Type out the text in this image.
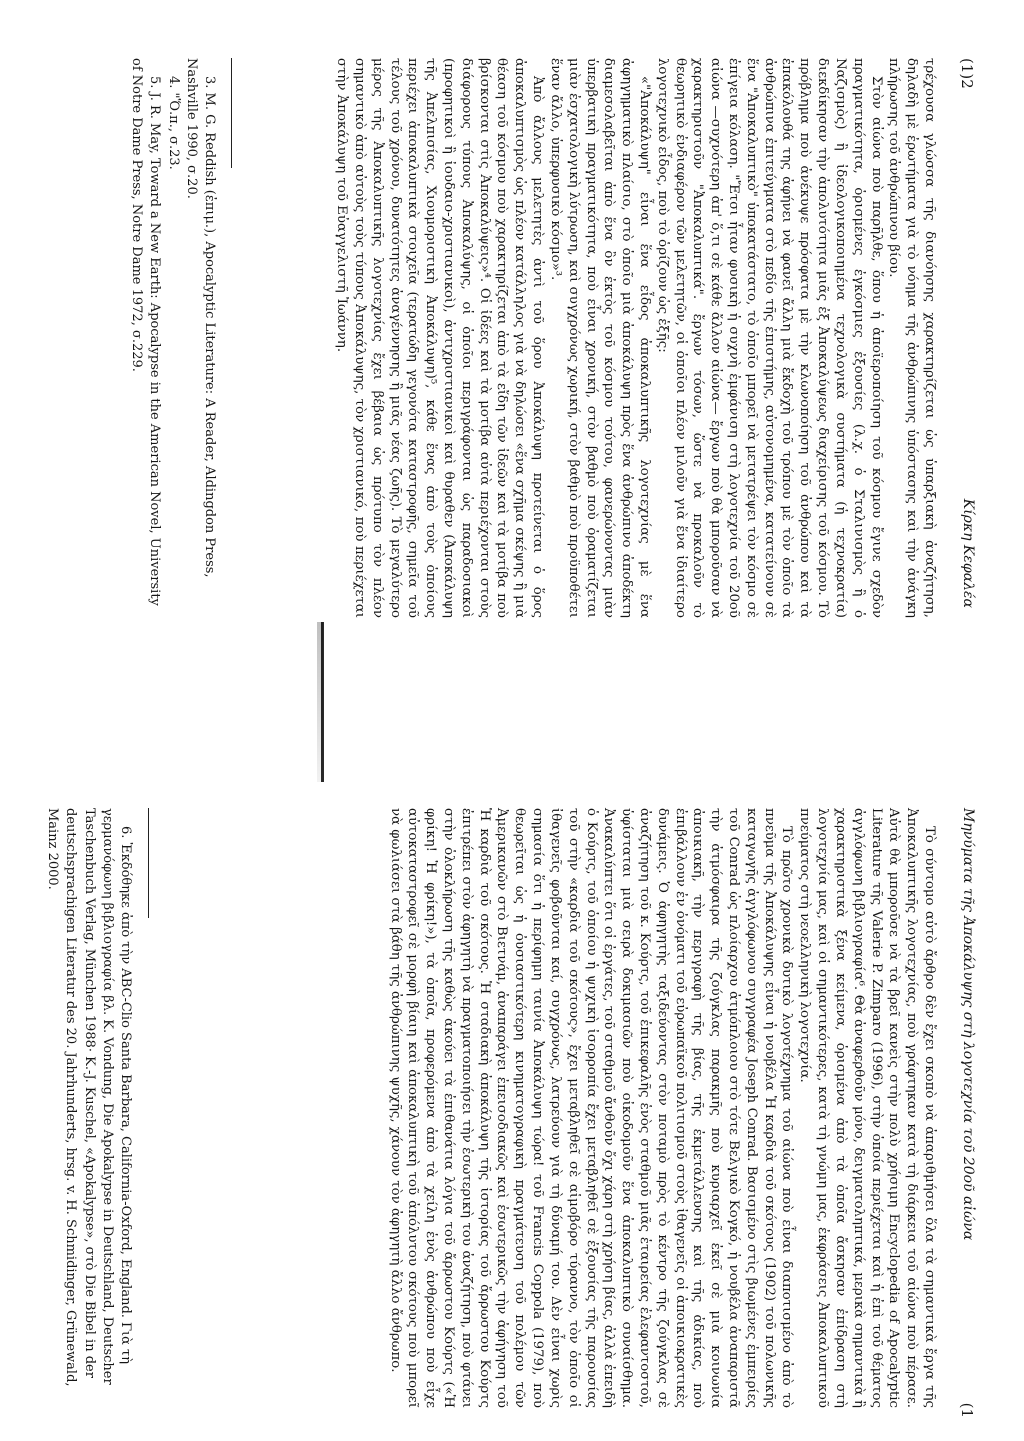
(1)2
Κίρκη Κεφαλέα

τρέχουσα γλώσσα τῆς διανόησης χαρακτηρίζεται ὡς ὑπαρξιακὴ ἀναζήτηση, δηλαδὴ μὲ ἐρωτήματα γιὰ τὸ νόημα τῆς ἀνθρώπινης ὑπόστασης καὶ τὴν ἀνάγκη πλήρωσης τοῦ ἀνθρώπινου βίου.

Στὸν αἰώνα ποὺ παρῆλθε, ὅπου ἡ ἀποϊεροποίηση τοῦ κόσμου ἔγινε σχεδὸν πραγματικότητα, ὁρισμένες ἐγκόσμιες ἐξουσίες (λ.χ. ὁ Σταλινισμὸς ἢ ὁ Ναζισμὸς) ἢ ἰδεολογικοποιημένα τεχνολογικὰ συστήματα (ἡ τεχνοκρατία) διεκδίκησαν τὴν ἀπολυτότητα μιᾶς ἐξ Ἀποκαλύψεως διαχείρισης τοῦ κόσμου. Τὸ πρόβλημα ποὺ ἀνέκυψε πρόσφατα μὲ τὴν κλωνοποίηση τοῦ ἀνθρώπου καὶ τὰ ἐπακόλουθά της ἀφήνει νὰ φανεῖ ἄλλη μιὰ ἔκδοχὴ τοῦ τρόπου μὲ τὸν ὁποῖο τὰ ἀνθρώπινα ἐπιτεύγματα στὸ πεδίο τῆς ἐπιστήμης, αὐτονομημένα, κατατείνουν σὲ ἕνα "Ἀποκαλυπτικὸ" ὑποκατάστατο, τὸ ὁποῖο μπορεῖ νὰ μετατρέψει τὸν κόσμο σὲ ἐπίγεια κόλαση. "Ἔτσι ἦταν φυσικὴ ἡ συχνὴ ἐμφάνιση στὴ λογοτεχνία τοῦ 20οῦ αἰώνα —συχνότερη ἀπ' ὅ,τι σὲ κάθε ἄλλον αἰώνα— ἔργων ποὺ θὰ μποροῦσαν νὰ χαρακτηριστοῦν "Ἀποκαλυπτικά". ἔργων τόσων, ὥστε νὰ προκαλοῦν τὸ θεωρητικὸ ἐνδιαφέρον τῶν μελετητῶν, οἱ ὁποῖοι πλέον μιλοῦν γιὰ ἕνα ἰδιαίτερο λογοτεχνικὸ εἶδος, ποὺ τὸ ὁρίζουν ὡς ἑξῆς:

«"Ἀποκάλυψη" εἶναι ἕνα εἶδος ἀποκαλυπτικῆς λογοτεχνίας μὲ ἕνα ἀφηγηματικὸ πλαίσιο, στὸ ὁποῖο μιὰ ἀποκάλυψη πρὸς ἕνα ἀνθρώπινο ἀποδέκτη διαμεσολαβεῖται ἀπὸ ἕνα ὂν ἐκτὸς τοῦ κόσμου τούτου, φανερώνοντας μιὰν ὑπερβατικὴ πραγματικότητα, ποὺ εἶναι χρονική, στὸν βαθμὸ ποὺ ὁραματίζεται μιὰν ἐσχατολογικὴ λύτρωση, καὶ συγχρόνως χωρική, στὸν βαθμὸ ποὺ προϋποθέτει ἕναν ἄλλο, ὑπερφυσικὸ κόσμο»³.

Ἀπὸ ἄλλους μελετητὲς ἀντὶ τοῦ ὅρου Ἀποκάλυψη προτείνεται ὁ ὅρος ἀποκαλυπτισμὸς ὡς πλέον κατάλληλος γιὰ νὰ δηλώσει «ἕνα σχῆμα σκέψης ἢ μιὰ θέαση τοῦ κόσμου ποὺ χαρακτηρίζεται ἀπὸ τὰ εἴδη τῶν ἰδεῶν καὶ τὰ μοτίβα ποὺ βρίσκονται στὶς Ἀποκαλύψεις»⁴. Οἱ ἰδέες καὶ τὰ μοτίβα αὐτὰ περιέχονται στοὺς διάφορους τύπους Ἀποκαλύψης, οἱ ὁποῖοι περιγράφονται ὡς παραδοσιακοὶ (προφητικοὶ ἢ ἰουδαιο-χριστιανικοὶ), ἀντιχριστιανικοὶ καὶ θυραθεν (Ἀποκάλυψη τῆς Ἀπελπισίας, Χιουμοριστικὴ Ἀποκάλυψη)⁵, κάθε ἕνας ἀπὸ τοὺς ὁποίους περιέχει ἀποκαλυπτικὰ στοιχεῖα (τερατώδη γεγονότα καταστροφῆς, σημεῖα τοῦ τέλους τοῦ χρόνου, δυνατότητες ἀναγέννησης ἢ μιᾶς νέας ζωῆς). Τὸ μεγαλύτερο μέρος τῆς Ἀποκαλυπτικῆς λογοτεχνίας ἔχει βέβαια ὡς πρότυπο τὸν πλέον σημαντικὸ ἀπὸ αὐτοὺς τοὺς τύπους Ἀποκάλυψης, τὸν χριστιανικό, ποὺ περιέχεται στὴν Ἀποκάλυψη τοῦ Εὐαγγελιστῆ Ἰωάννη.

3. M. G. Reddish (ἐπιμ.), Apocalyptic Literature: A Reader, Aldingdon Press, Nashville 1990, σ.20.

4. "Ὅ.π., σ.23.

5. J. R. May, Toward a New Earth: Apocalypse in the American Novel, University of Notre Dame Press, Notre Dame 1972, σ.229.

Μηνύματα τῆς Ἀποκάλυψης στὴ λογοτεχνία τοῦ 20οῦ αἰώνα
(1

Τὸ σύντομο αὐτὸ ἄρθρο δὲν ἔχει σκοπὸ νὰ ἀπαριθμήσει ὅλα τὰ σημαντικὰ ἔργα τῆς Ἀποκαλυπτικῆς λογοτεχνίας, ποὺ γράφτηκαν κατὰ τὴ διάρκεια τοῦ αἰώνα ποὺ πέρασε. Αὐτὰ θὰ μποροῦσε νὰ τὰ βρεῖ κανεὶς στὴν πολὺ χρήσιμη Encyclopedia of Apocalyptic Literature τῆς Valerie P. Zimparo (1996), στὴν ὁποία περιέχεται καὶ ἡ ἐπὶ τοῦ θέματος ἀγγλόφωνη βιβλιογραφία⁶. Θὰ ἀναφερθοῦν μόνο, δειγματοληπτικά, μερικὰ σημαντικὰ ἢ χαρακτηριστικὰ ξένα κείμενα, ὁρισμένα ἀπὸ τὰ ὁποῖα ἄσκησαν ἐπίδραση στὴ λογοτεχνία μας, καὶ οἱ σημαντικότερες, κατὰ τὴ γνώμη μας, ἐκφράσεις Ἀποκαλυπτικοῦ πνεύματος στὴ νεοελληνικὴ λογοτεχνία.

Τὸ πρῶτο χρονικὰ δυτικὸ λογοτέχνημα τοῦ αἰώνα ποὺ εἶναι διαποτισμένο ἀπὸ τὸ πνεῦμα τῆς Ἀποκάλυψης εἶναι ἡ νουβέλα Ἡ καρδιὰ τοῦ σκότους (1902) τοῦ πολωνικῆς καταγωγῆς ἀγγλόφωνου συγγραφέα Joseph Conrad. Βασισμένο στὶς βιωμένες ἐμπειρίες τοῦ Conrad ὡς πλοίαρχου ἀτμόπλοιου στὸ τότε Βελγικὸ Κογκό, ἡ νουβέλα ἀναπαριστᾶ τὴν ἀτμόσφαιρα τῆς ζούγκλας παρακμῆς ποὺ κυριαρχεῖ ἐκεῖ σὲ μιὰ κοινωνία ἀποικιακῆ, τὴν περιγραφὴ τῆς βίας, τῆς ἐκμετάλλευσης καὶ τῆς ἀδικίας, ποὺ ἐπιβάλλουν ἐν ὀνόματι τοῦ εὐρωπαϊκοῦ πολιτισμοῦ στοὺς ἰθαγενεῖς οἱ ἀποικιοκρατικὲς δυνάμεις. Ὁ ἀφηγητὴς ταξιδεύοντας στὸν ποταμὸ πρὸς τὸ κέντρο τῆς ζούγκλας σὲ ἀναζήτηση τοῦ κ. Κούρτς, τοῦ ἐπικεφαλῆς ἑνὸς σταθμοῦ μιᾶς ἑταιρείας ἐλεφαντοστοῦ, ὑφίσταται μιὰ σειρὰ δοκιμασιῶν ποὺ οἰκοδομοῦν ἕνα ἀποκαλυπτικὸ συναίσθημα. Ἀνακαλύπτει ὅτι οἱ ἐργάτες, τοῦ σταθμοῦ ἄνθοῦν ὄχι χάρη στὴ χρήση βίας, ἀλλὰ ἐπειδὴ ὁ Κούρτς, τοῦ ὁποίου ἡ ψυχικὴ ἰσορροπία ἔχει μεταβληθεῖ σὲ ἐξουσίας τῆς παρουσίας τοῦ στὴν «καρδιὰ τοῦ σκότους», ἔχει μεταβληθεῖ σὲ αἱμοβόρο τύραννο, τὸν ὁποῖο οἱ ἰθαγενεῖς φοβοῦνται καί, συγχρόνως, λατρεύουν γιὰ τὴ δύναμή του. Δὲν εἶναι χωρὶς σημασία ὅτι ἡ περίφημη ταινία Ἀποκάλυψη τώρα! τοῦ Francis Coppola (1979), ποὺ θεωρεῖται ὡς ἡ ὀυσιαστικότερη κινηματογραφικὴ πραγμάτευση τοῦ πολέμου τῶν Ἀμερικανῶν στὸ Βιετνάμ, ἀναπαράγει ἐπεισοδιακῶς καὶ ἐσωτερικῶς τὴν ἀφήγηση τοῦ Ἡ καρδιὰ τοῦ σκότους. Ἡ σταδιακὴ ἀποκάλυψη τῆς ἱστορίας τοῦ ἄρρωστου Κούρτς ἐπιτρέπει στὸν ἀφηγητὴ νὰ πραγματοποιήσει τὴν ἐσωτερικὴ του ἀναζήτηση, ποὺ φτάνει στὴν ὁλοκλήρωση τῆς καθὼς ἀκούει τὰ ἐπιθανάτια λόγια τοῦ ἄρρωστου Κούρτς («Ἡ φρίκη! Ἡ φρίκη!»), τὰ ὁποῖα, προφερόμενα ἀπὸ τὰ χείλη ἑνὸς ἀνθρώπου ποὺ εἶχε αὐτοκαταστροφεῖ σὲ μορφὴ βίαιη καὶ ἀποκαλυπτικὴ τοῦ ἀπόλυτου σκότους ποὺ μπορεῖ νὰ φωλιάσει στὰ βάθη τῆς ἀνθρώπινης ψυχῆς, χάνουν τὸν ἀφηγητὴ ἄλλο ἄνθρωπο.

6. Ἐκδόθηκε ἀπὸ τὴν ABC-Clio Santa Barbara, California-Oxford, England. Γιὰ τὴ γερμανόφωνη βιβλιογραφία βλ. K. Vondung, Die Apokalypse in Deutschland, Deutscher Taschenbuch Verlag, München 1988· K.-J. Kuschel, «Apokalypse», στὸ Die Bibel in der deutschsprachigen Literatur des 20. Jahrhunderts, hrsg. v. H. Schmidinger, Grünewald, Mainz 2000.
